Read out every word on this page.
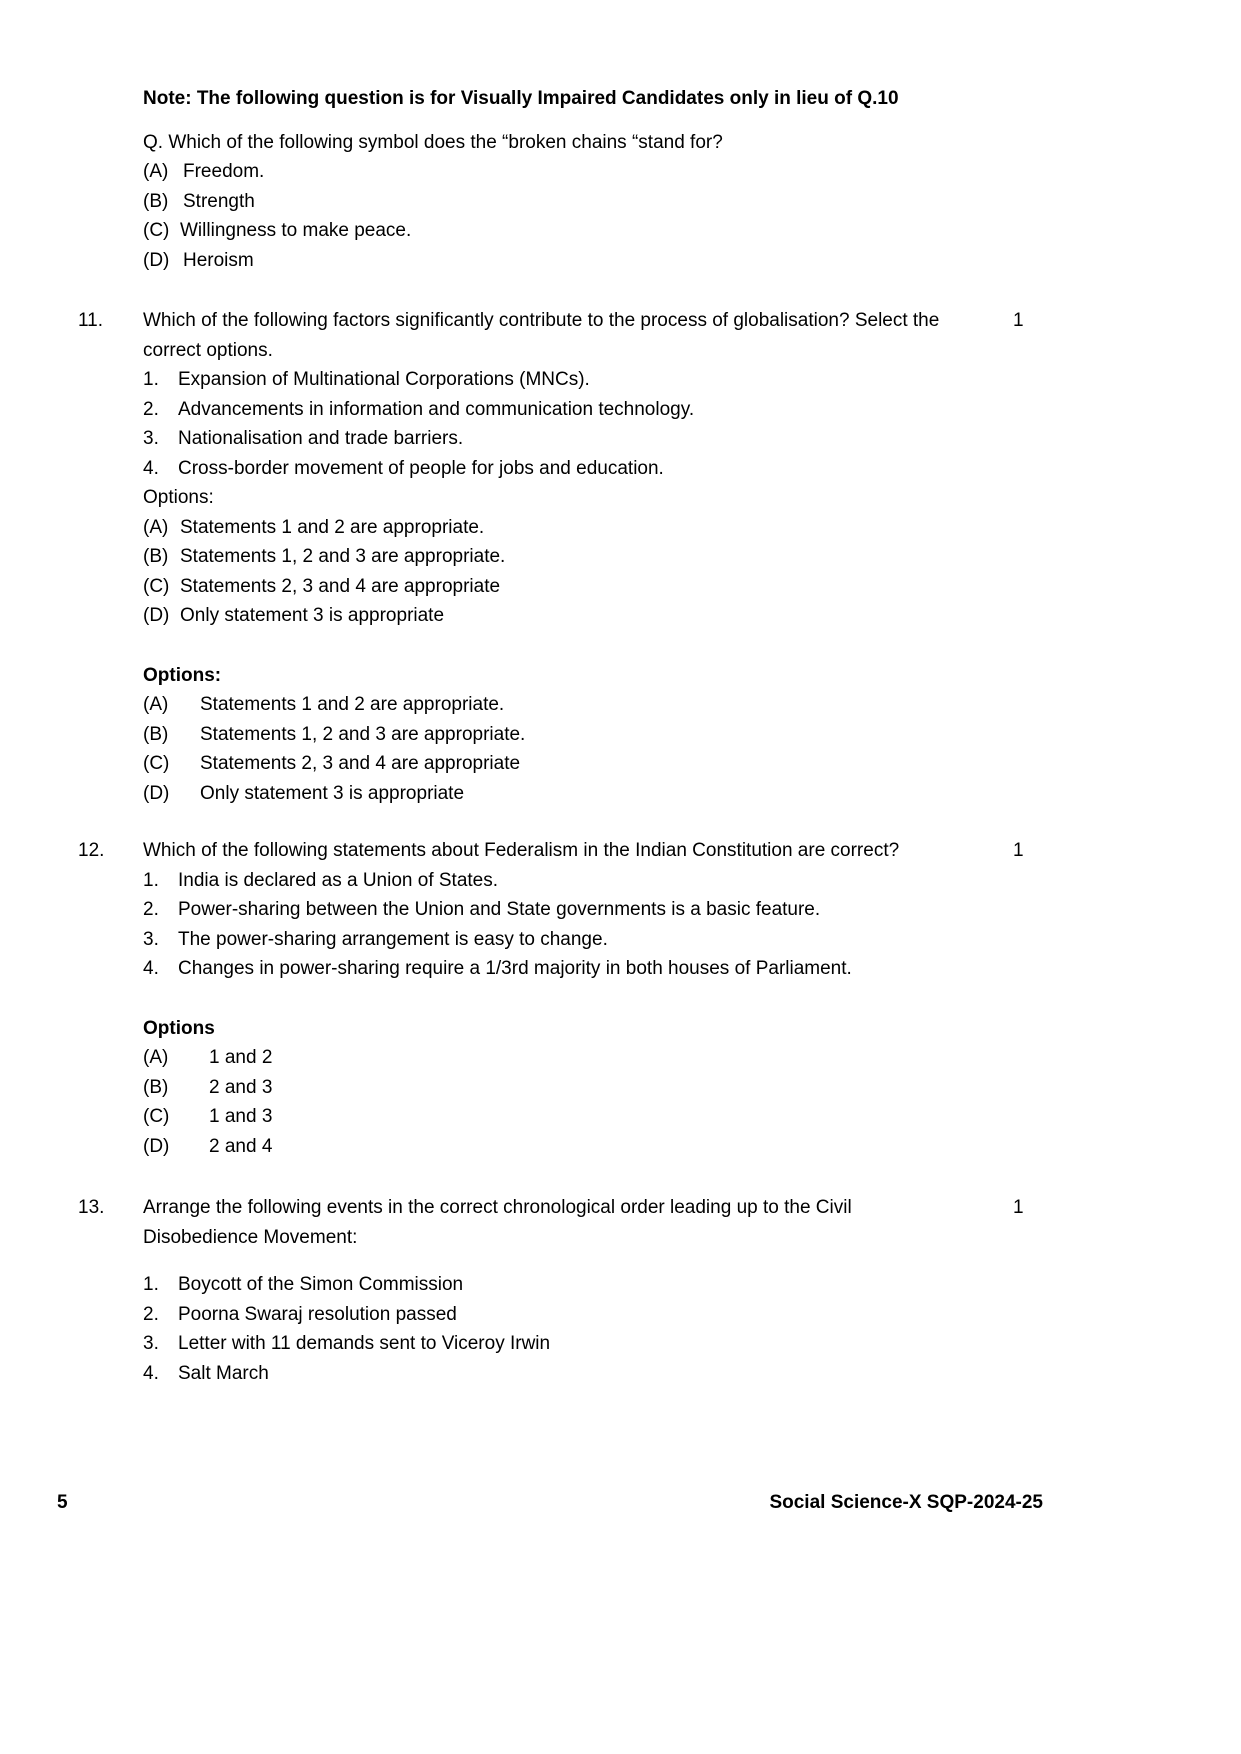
Note: The following question is for Visually Impaired Candidates only in lieu of Q.10

Q. Which of the following symbol does the “broken chains “stand for?

(A) Freedom.
(B) Strength
(C) Willingness to make peace.
(D) Heroism
11.	Which of the following factors significantly contribute to the process of globalisation? Select the correct options.

1.	Expansion of Multinational Corporations (MNCs).
2.	Advancements in information and communication technology.
3.	Nationalisation and trade barriers.
4.	Cross-border movement of people for jobs and education.

Options:

(A) Statements 1 and 2 are appropriate.
(B) Statements 1, 2 and 3 are appropriate.
(C) Statements 2, 3 and 4 are appropriate
(D) Only statement 3 is appropriate

Options:

(A)	Statements 1 and 2 are appropriate.
(B)	Statements 1, 2 and 3 are appropriate.
(C)	Statements 2, 3 and 4 are appropriate
(D)	Only statement 3 is appropriate
1
12.	Which of the following statements about Federalism in the Indian Constitution are correct?

1.	India is declared as a Union of States.
2.	Power-sharing between the Union and State governments is a basic feature.
3.	The power-sharing arrangement is easy to change.
4.	Changes in power-sharing require a 1/3rd majority in both houses of Parliament.

Options

(A)	1 and 2
(B)	2 and 3
(C)	1 and 3
(D)	2 and 4
1
13.	Arrange the following events in the correct chronological order leading up to the Civil Disobedience Movement:

1.	Boycott of the Simon Commission
2.	Poorna Swaraj resolution passed
3.	Letter with 11 demands sent to Viceroy Irwin
4.	Salt March
1
5	Social Science-X SQP-2024-25
